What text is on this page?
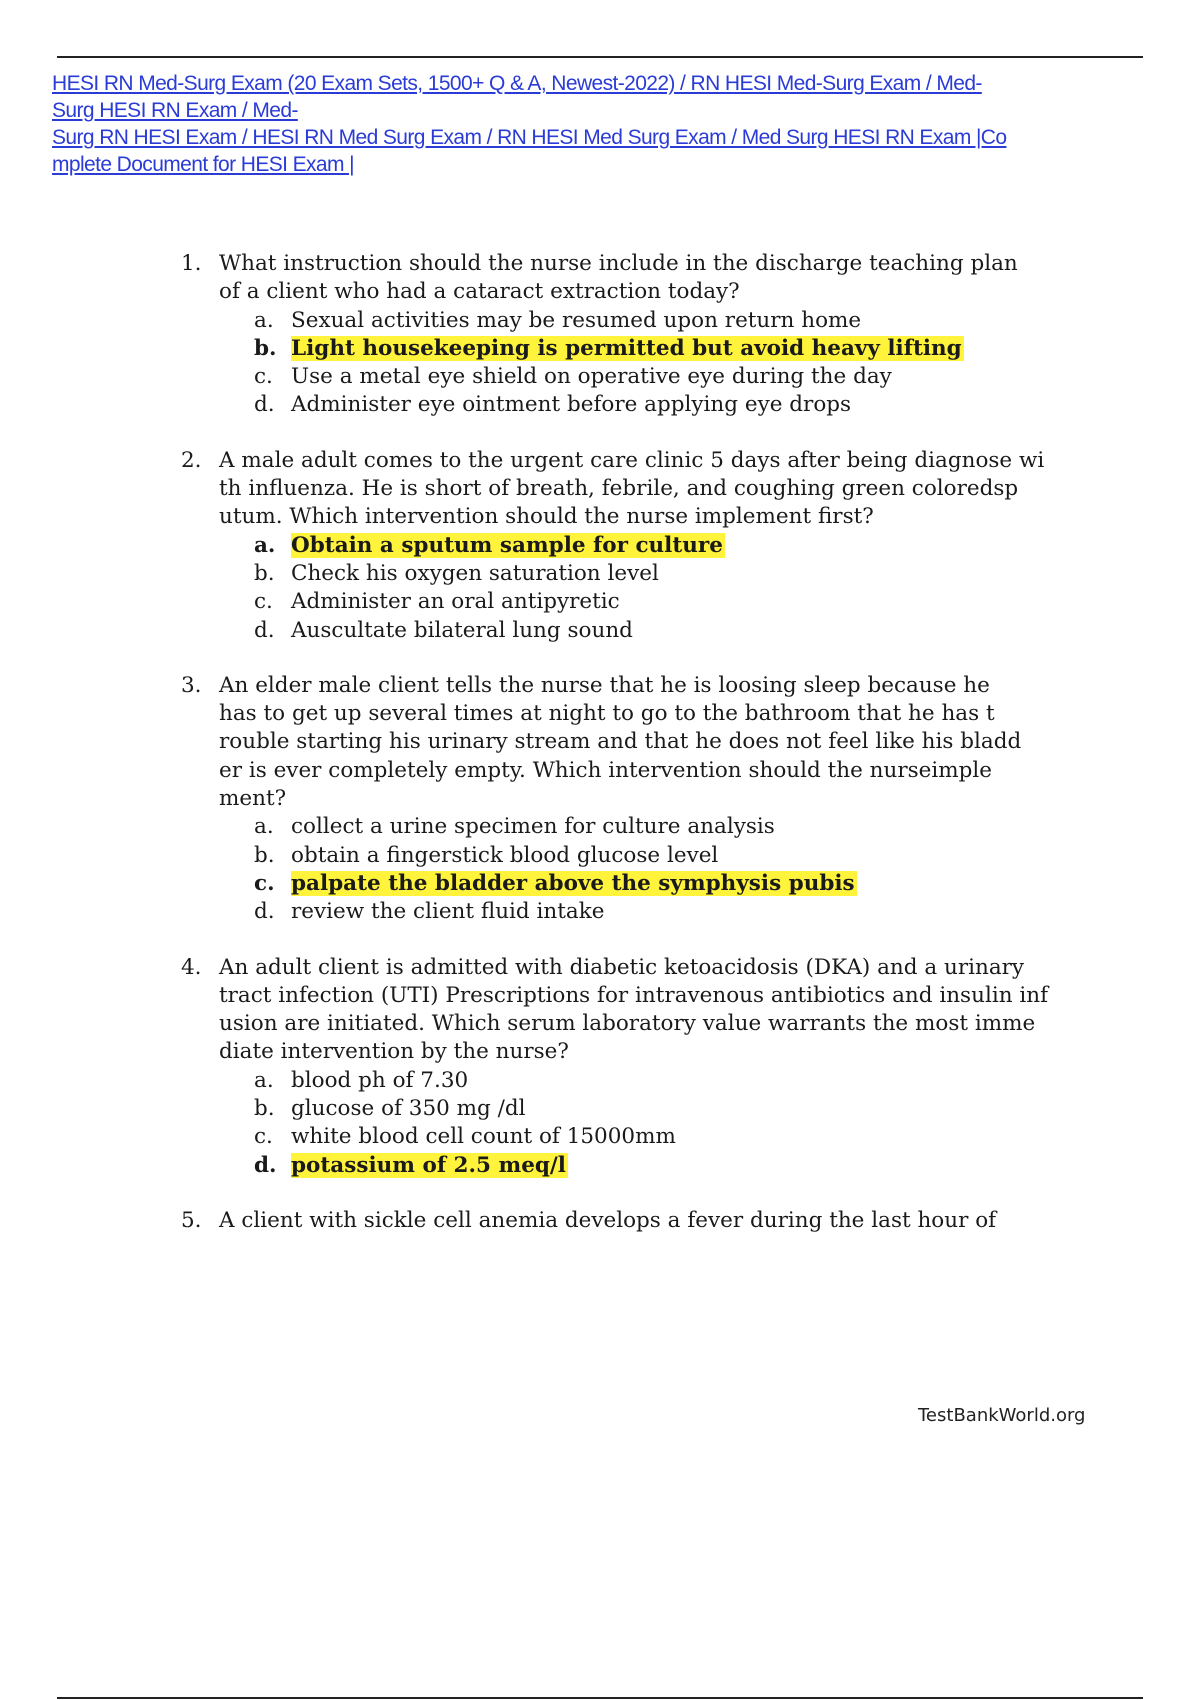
HESI RN Med-Surg Exam (20 Exam Sets, 1500+ Q & A, Newest-2022) / RN HESI Med-Surg Exam / Med-
Surg HESI RN Exam / Med-
Surg RN HESI Exam / HESI RN Med Surg Exam / RN HESI Med Surg Exam / Med Surg HESI RN Exam |Co
mplete Document for HESI Exam |
1. What instruction should the nurse include in the discharge teaching plan
of a client who had a cataract extraction today?
a. Sexual activities may be resumed upon return home
b. Light housekeeping is permitted but avoid heavy lifting
c. Use a metal eye shield on operative eye during the day
d. Administer eye ointment before applying eye drops
2. A male adult comes to the urgent care clinic 5 days after being diagnose wi
th influenza. He is short of breath, febrile, and coughing green coloredsp
utum. Which intervention should the nurse implement first?
a. Obtain a sputum sample for culture
b. Check his oxygen saturation level
c. Administer an oral antipyretic
d. Auscultate bilateral lung sound
3. An elder male client tells the nurse that he is loosing sleep because he
has to get up several times at night to go to the bathroom that he has t
rouble starting his urinary stream and that he does not feel like his bladd
er is ever completely empty. Which intervention should the nurseimple
ment?
a. collect a urine specimen for culture analysis
b. obtain a fingerstick blood glucose level
c. palpate the bladder above the symphysis pubis
d. review the client fluid intake
4. An adult client is admitted with diabetic ketoacidosis (DKA) and a urinary
tract infection (UTI) Prescriptions for intravenous antibiotics and insulin inf
usion are initiated. Which serum laboratory value warrants the most imme
diate intervention by the nurse?
a. blood ph of 7.30
b. glucose of 350 mg /dl
c. white blood cell count of 15000mm
d. potassium of 2.5 meq/l
5. A client with sickle cell anemia develops a fever during the last hour of
TestBankWorld.org
